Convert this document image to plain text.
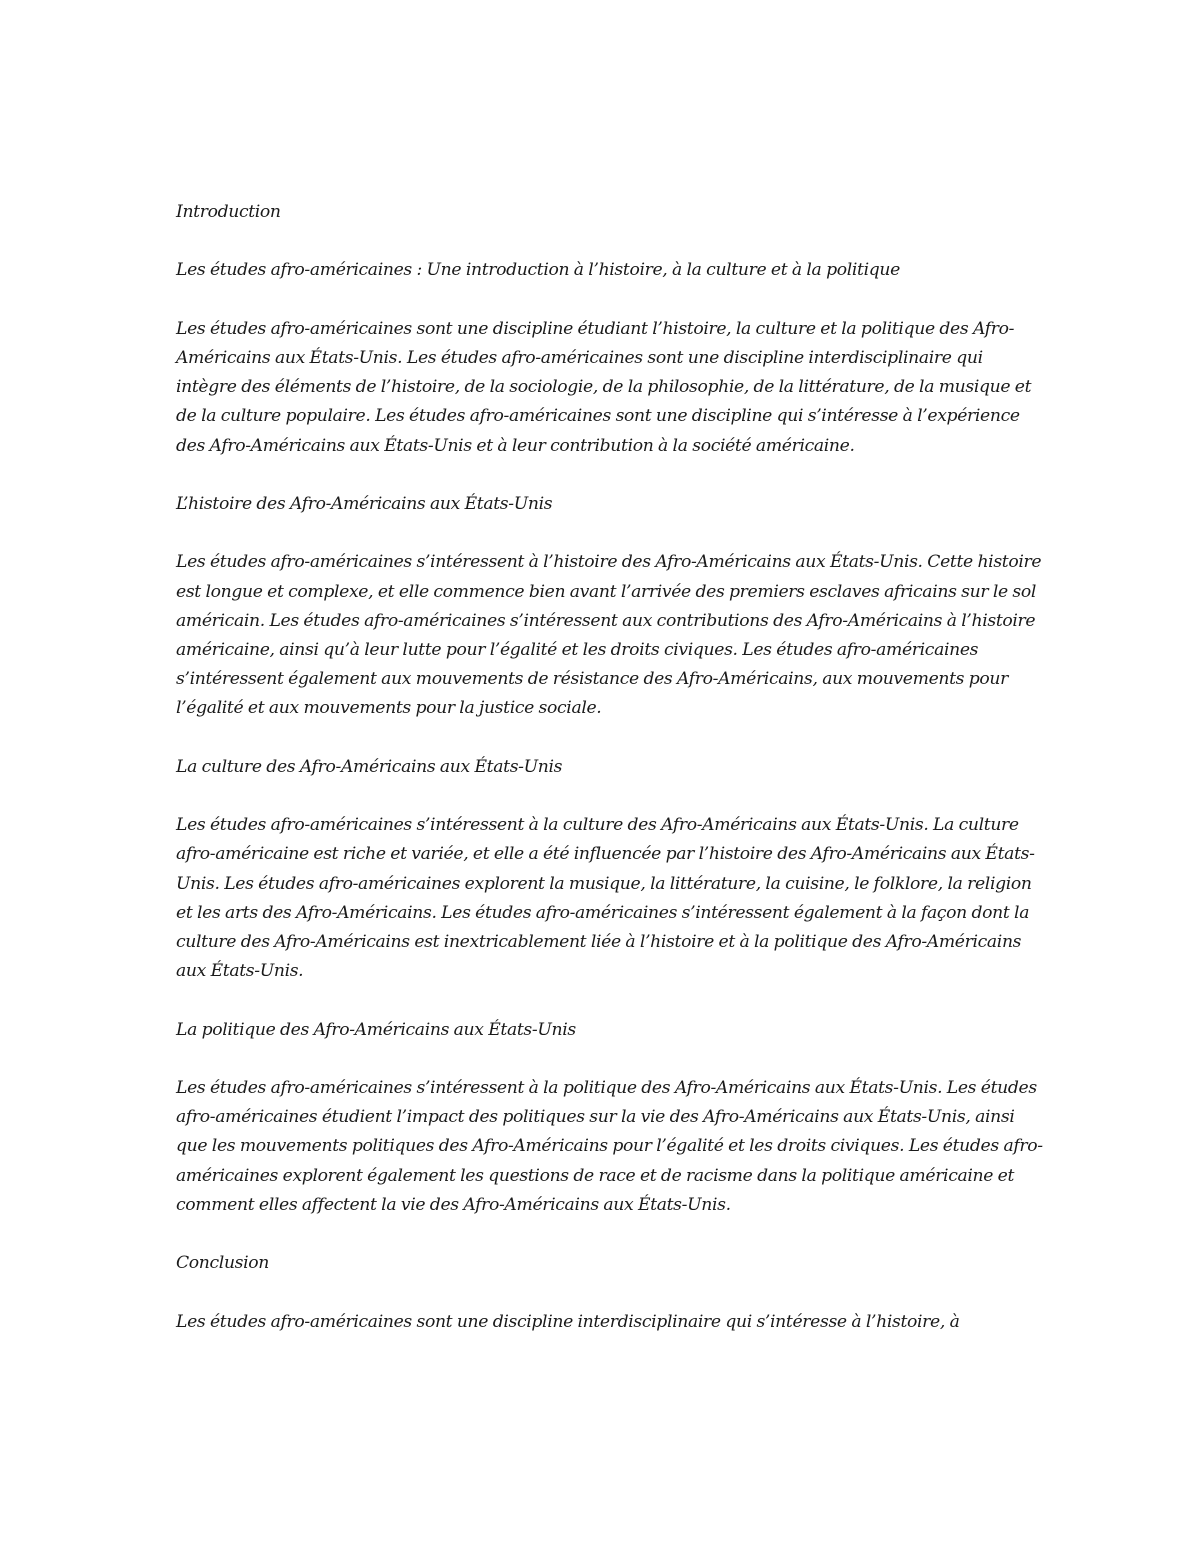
Introduction

Les études afro-américaines : Une introduction à l’histoire, à la culture et à la politique

Les études afro-américaines sont une discipline étudiant l’histoire, la culture et la politique des Afro-Américains aux États-Unis. Les études afro-américaines sont une discipline interdisciplinaire qui intègre des éléments de l’histoire, de la sociologie, de la philosophie, de la littérature, de la musique et de la culture populaire. Les études afro-américaines sont une discipline qui s’intéresse à l’expérience des Afro-Américains aux États-Unis et à leur contribution à la société américaine.

L’histoire des Afro-Américains aux États-Unis

Les études afro-américaines s’intéressent à l’histoire des Afro-Américains aux États-Unis. Cette histoire est longue et complexe, et elle commence bien avant l’arrivée des premiers esclaves africains sur le sol américain. Les études afro-américaines s’intéressent aux contributions des Afro-Américains à l’histoire américaine, ainsi qu’à leur lutte pour l’égalité et les droits civiques. Les études afro-américaines s’intéressent également aux mouvements de résistance des Afro-Américains, aux mouvements pour l’égalité et aux mouvements pour la justice sociale.

La culture des Afro-Américains aux États-Unis

Les études afro-américaines s’intéressent à la culture des Afro-Américains aux États-Unis. La culture afro-américaine est riche et variée, et elle a été influencée par l’histoire des Afro-Américains aux États-Unis. Les études afro-américaines explorent la musique, la littérature, la cuisine, le folklore, la religion et les arts des Afro-Américains. Les études afro-américaines s’intéressent également à la façon dont la culture des Afro-Américains est inextricablement liée à l’histoire et à la politique des Afro-Américains aux États-Unis.

La politique des Afro-Américains aux États-Unis

Les études afro-américaines s’intéressent à la politique des Afro-Américains aux États-Unis. Les études afro-américaines étudient l’impact des politiques sur la vie des Afro-Américains aux États-Unis, ainsi que les mouvements politiques des Afro-Américains pour l’égalité et les droits civiques. Les études afro-américaines explorent également les questions de race et de racisme dans la politique américaine et comment elles affectent la vie des Afro-Américains aux États-Unis.

Conclusion

Les études afro-américaines sont une discipline interdisciplinaire qui s’intéresse à l’histoire, à
